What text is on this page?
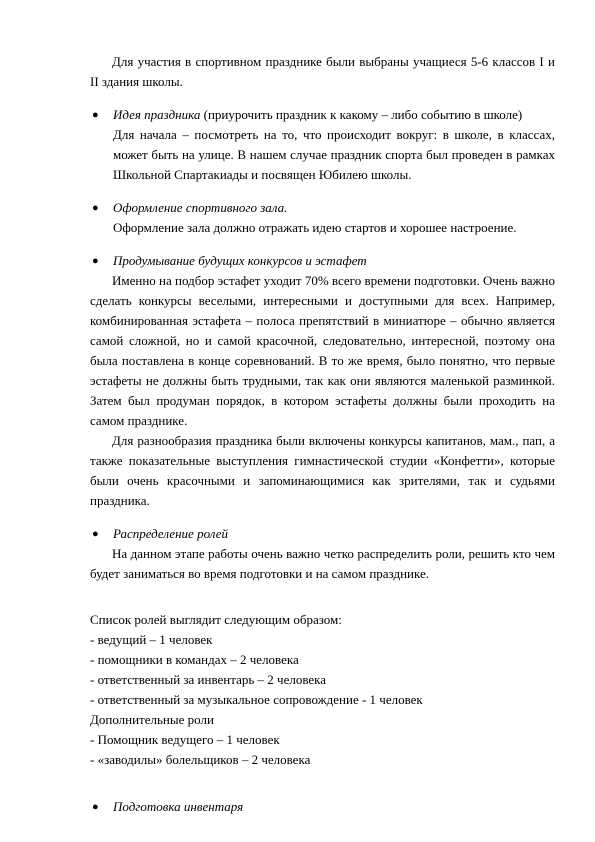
Для участия в спортивном празднике были выбраны учащиеся 5-6 классов I и II здания школы.

● Идея праздника (приурочить праздник к какому – либо событию в школе)

Для начала – посмотреть на то, что происходит вокруг: в школе, в классах, может быть на улице. В нашем случае праздник спорта был проведен в рамках Школьной Спартакиады и посвящен Юбилею школы.

● Оформление спортивного зала.

Оформление зала должно отражать идею стартов и хорошее настроение.

● Продумывание будущих конкурсов и эстафет

Именно на подбор эстафет уходит 70% всего времени подготовки. Очень важно сделать конкурсы веселыми, интересными и доступными для всех. Например, комбинированная эстафета – полоса препятствий в миниатюре – обычно является самой сложной, но и самой красочной, следовательно, интересной, поэтому она была поставлена в конце соревнований. В то же время, было понятно, что первые эстафеты не должны быть трудными, так как они являются маленькой разминкой. Затем был продуман порядок, в котором эстафеты должны были проходить на самом празднике.

Для разнообразия праздника были включены конкурсы капитанов, мам., пап, а также показательные выступления гимнастической студии «Конфетти», которые были очень красочными и запоминающимися как зрителями, так и судьями праздника.

● Распределение ролей

На данном этапе работы очень важно четко распределить роли, решить кто чем будет заниматься во время подготовки и на самом празднике.

Список ролей выглядит следующим образом:

- ведущий – 1 человек
- помощники в командах – 2 человека
- ответственный за инвентарь – 2 человека
- ответственный за музыкальное сопровождение - 1 человек

Дополнительные роли

- Помощник ведущего – 1 человек
- «заводилы» болельщиков – 2 человека

● Подготовка инвентаря
